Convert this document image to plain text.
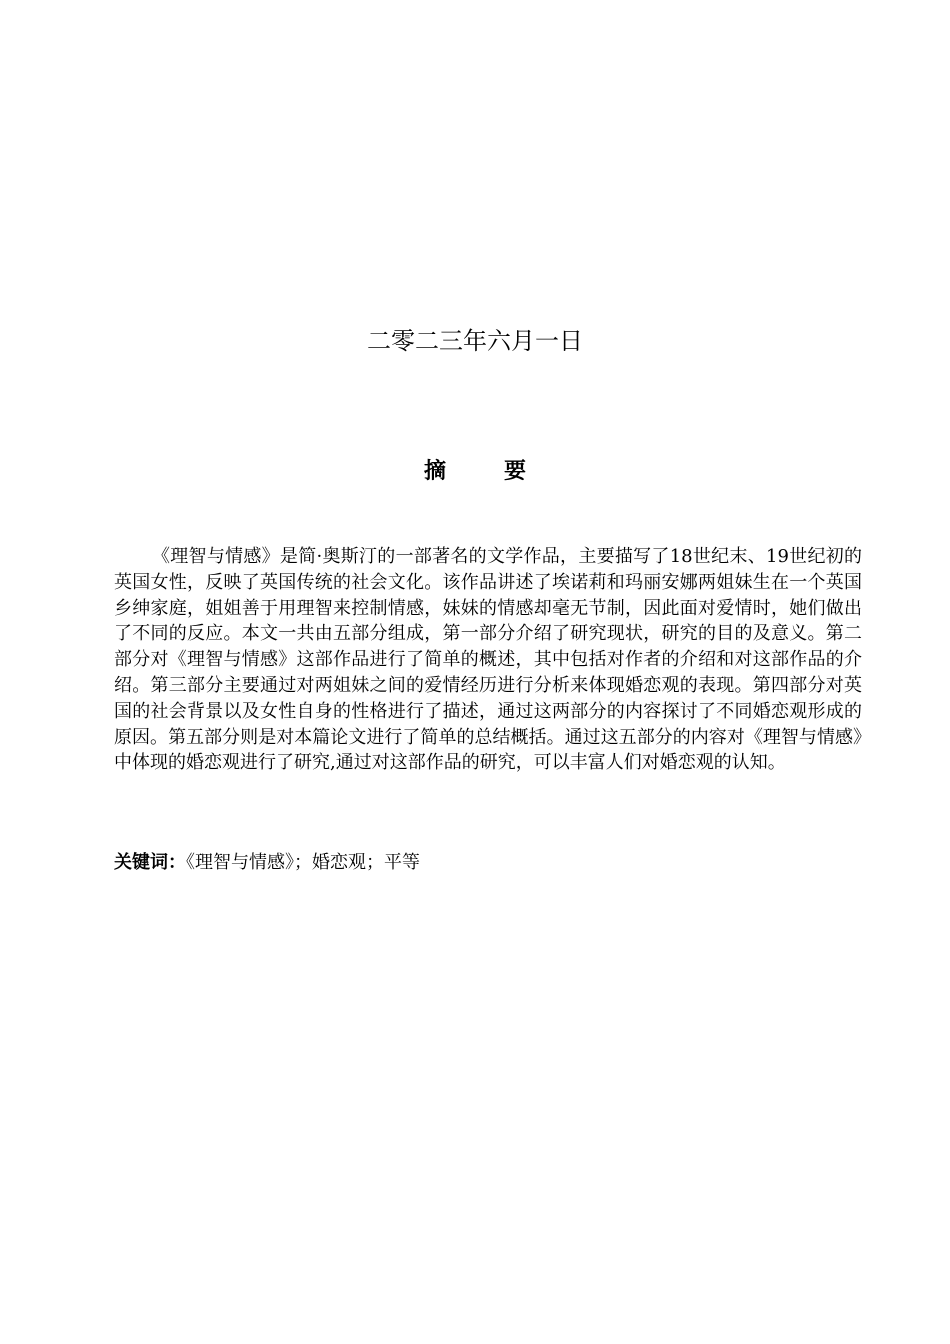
二零二三年六月一日
摘要

《理智与情感》是简·奥斯汀的一部著名的文学作品，主要描写了18世纪末、19世纪初的英国女性，反映了英国传统的社会文化。该作品讲述了埃诺莉和玛丽安娜两姐妹生在一个英国乡绅家庭，姐姐善于用理智来控制情感，妹妹的情感却毫无节制，因此面对爱情时，她们做出了不同的反应。本文一共由五部分组成，第一部分介绍了研究现状，研究的目的及意义。第二部分对《理智与情感》这部作品进行了简单的概述，其中包括对作者的介绍和对这部作品的介绍。第三部分主要通过对两姐妹之间的爱情经历进行分析来体现婚恋观的表现。第四部分对英国的社会背景以及女性自身的性格进行了描述，通过这两部分的内容探讨了不同婚恋观形成的原因。第五部分则是对本篇论文进行了简单的总结概括。通过这五部分的内容对《理智与情感》中体现的婚恋观进行了研究,通过对这部作品的研究，可以丰富人们对婚恋观的认知。

关键词：《理智与情感》；婚恋观；平等
